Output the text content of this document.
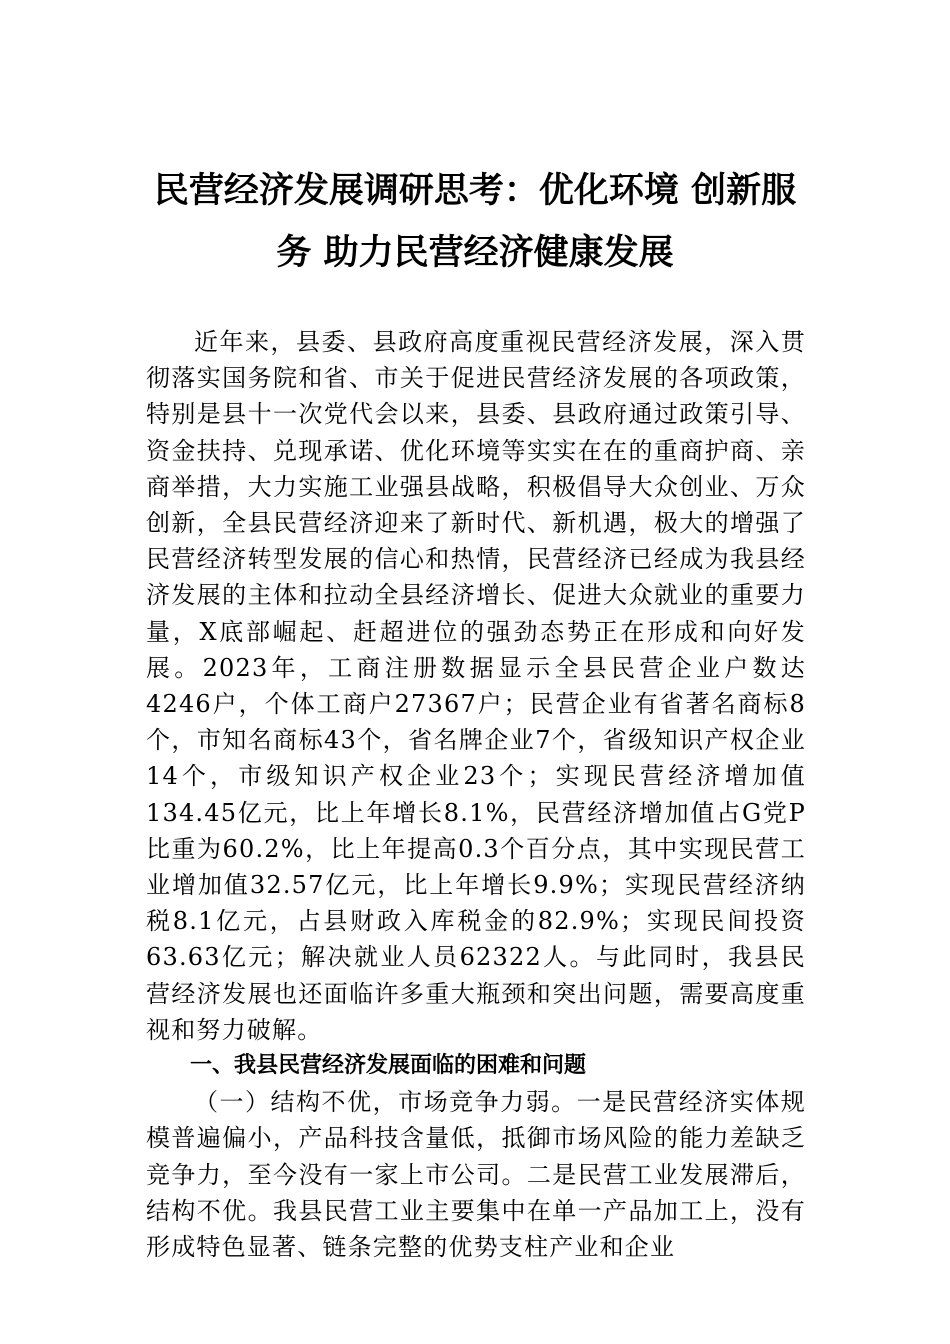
民营经济发展调研思考：优化环境 创新服务 助力民营经济健康发展

近年来，县委、县政府高度重视民营经济发展，深入贯彻落实国务院和省、市关于促进民营经济发展的各项政策，特别是县十一次党代会以来，县委、县政府通过政策引导、资金扶持、兑现承诺、优化环境等实实在在的重商护商、亲商举措，大力实施工业强县战略，积极倡导大众创业、万众创新，全县民营经济迎来了新时代、新机遇，极大的增强了民营经济转型发展的信心和热情，民营经济已经成为我县经济发展的主体和拉动全县经济增长、促进大众就业的重要力量，X底部崛起、赶超进位的强劲态势正在形成和向好发展。2023年，工商注册数据显示全县民营企业户数达4246户，个体工商户27367户；民营企业有省著名商标8个，市知名商标43个，省名牌企业7个，省级知识产权企业14个，市级知识产权企业23个；实现民营经济增加值134.45亿元，比上年增长8.1%，民营经济增加值占G党P比重为60.2%，比上年提高0.3个百分点，其中实现民营工业增加值32.57亿元，比上年增长9.9%；实现民营经济纳税8.1亿元，占县财政入库税金的82.9%；实现民间投资63.63亿元；解决就业人员62322人。与此同时，我县民营经济发展也还面临许多重大瓶颈和突出问题，需要高度重视和努力破解。

一、我县民营经济发展面临的困难和问题

（一）结构不优，市场竞争力弱。一是民营经济实体规模普遍偏小，产品科技含量低，抵御市场风险的能力差缺乏竞争力，至今没有一家上市公司。二是民营工业发展滞后，结构不优。我县民营工业主要集中在单一产品加工上，没有形成特色显著、链条完整的优势支柱产业和企业
